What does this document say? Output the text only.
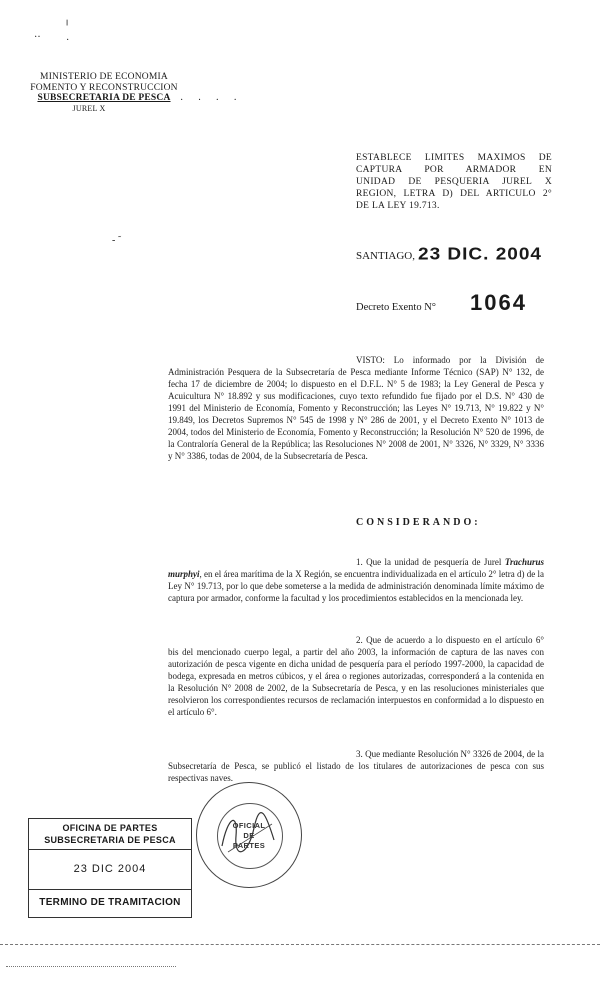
‥
╷
·
- ˜
MINISTERIO DE ECONOMIA
FOMENTO Y RECONSTRUCCION
SUBSECRETARIA DE PESCA
JUREL X
· · · ·
ESTABLECE LIMITES MAXIMOS DE
CAPTURA POR ARMADOR EN
UNIDAD DE PESQUERIA JUREL X
REGION, LETRA D) DEL ARTICULO 2°
DE LA LEY 19.713.
SANTIAGO, 23 DIC. 2004
Decreto Exento N° 1064
VISTO: Lo informado por la División de Administración Pesquera de la Subsecretaría de Pesca mediante Informe Técnico (SAP) N° 132, de fecha 17 de diciembre de 2004; lo dispuesto en el D.F.L. N° 5 de 1983; la Ley General de Pesca y Acuicultura N° 18.892 y sus modificaciones, cuyo texto refundido fue fijado por el D.S. N° 430 de 1991 del Ministerio de Economía, Fomento y Reconstrucción; las Leyes N° 19.713, N° 19.822 y N° 19.849, los Decretos Supremos N° 545 de 1998 y N° 286 de 2001, y el Decreto Exento N° 1013 de 2004, todos del Ministerio de Economía, Fomento y Reconstrucción; la Resolución N° 520 de 1996, de la Contraloría General de la República; las Resoluciones N° 2008 de 2001, N° 3326, N° 3329, N° 3336 y N° 3386, todas de 2004, de la Subsecretaría de Pesca.
CONSIDERANDO:
1. Que la unidad de pesquería de Jurel Trachurus murphyi, en el área marítima de la X Región, se encuentra individualizada en el artículo 2° letra d) de la Ley N° 19.713, por lo que debe someterse a la medida de administración denominada límite máximo de captura por armador, conforme la facultad y los procedimientos establecidos en la mencionada ley.
2. Que de acuerdo a lo dispuesto en el artículo 6° bis del mencionado cuerpo legal, a partir del año 2003, la información de captura de las naves con autorización de pesca vigente en dicha unidad de pesquería para el período 1997-2000, la capacidad de bodega, expresada en metros cúbicos, y el área o regiones autorizadas, corresponderá a la contenida en la Resolución N° 2008 de 2002, de la Subsecretaría de Pesca, y en las resoluciones ministeriales que resolvieron los correspondientes recursos de reclamación interpuestos en conformidad a lo dispuesto en el artículo 6°.
3. Que mediante Resolución N° 3326 de 2004, de la Subsecretaría de Pesca, se publicó el listado de los titulares de autorizaciones de pesca con sus respectivas naves.
OFICINA DE PARTES
SUBSECRETARIA DE PESCA
23 DIC 2004
TERMINO DE TRAMITACION
OFICIAL
DE
PARTES
